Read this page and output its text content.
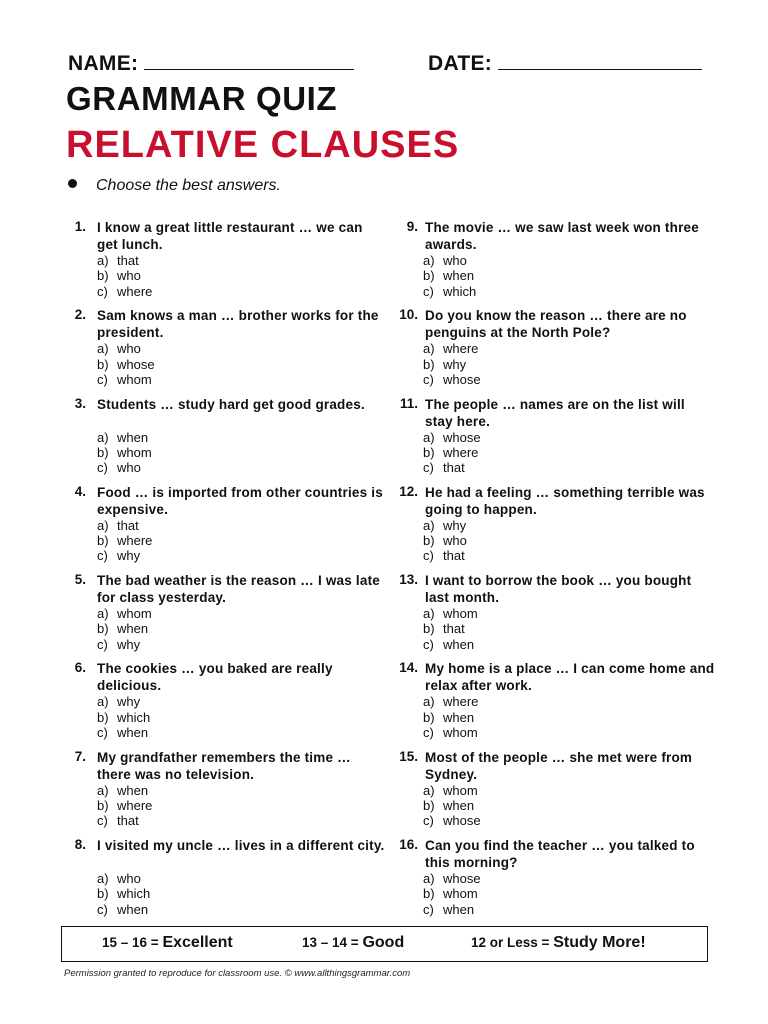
NAME:	DATE:
GRAMMAR QUIZ
RELATIVE CLAUSES
Choose the best answers.
1. I know a great little restaurant … we can get lunch.
a) that
b) who
c) where
2. Sam knows a man … brother works for the president.
a) who
b) whose
c) whom
3. Students … study hard get good grades.
a) when
b) whom
c) who
4. Food … is imported from other countries is expensive.
a) that
b) where
c) why
5. The bad weather is the reason … I was late for class yesterday.
a) whom
b) when
c) why
6. The cookies … you baked are really delicious.
a) why
b) which
c) when
7. My grandfather remembers the time … there was no television.
a) when
b) where
c) that
8. I visited my uncle … lives in a different city.
a) who
b) which
c) when
9. The movie … we saw last week won three awards.
a) who
b) when
c) which
10. Do you know the reason … there are no penguins at the North Pole?
a) where
b) why
c) whose
11. The people … names are on the list will stay here.
a) whose
b) where
c) that
12. He had a feeling … something terrible was going to happen.
a) why
b) who
c) that
13. I want to borrow the book … you bought last month.
a) whom
b) that
c) when
14. My home is a place … I can come home and relax after work.
a) where
b) when
c) whom
15. Most of the people … she met were from Sydney.
a) whom
b) when
c) whose
16. Can you find the teacher … you talked to this morning?
a) whose
b) whom
c) when
15 – 16 = Excellent	13 – 14 = Good	12 or Less = Study More!
Permission granted to reproduce for classroom use. © www.allthingsgrammar.com
